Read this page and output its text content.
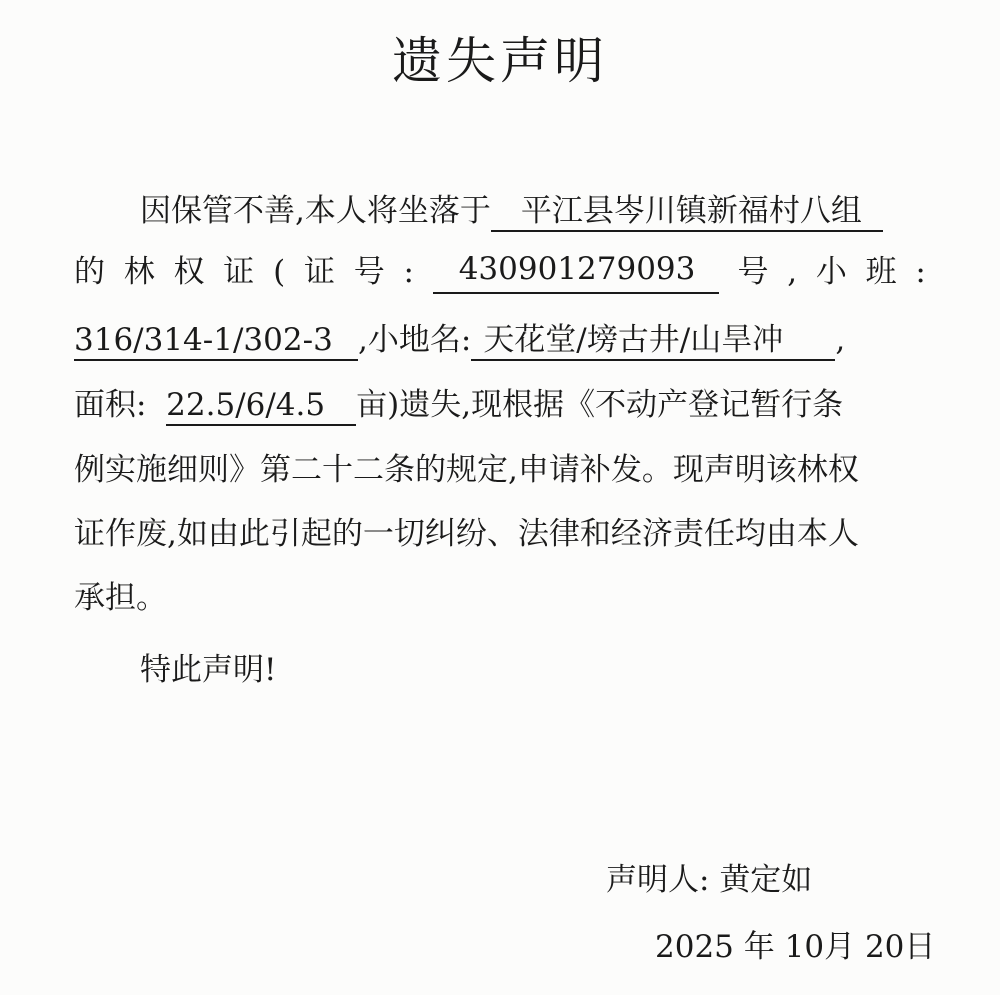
遗失声明
因保管不善,本人将坐落于 平江县岑川镇新福村八组
的 林 权 证 ( 证 号 :	430901279093	号 , 小 班 :
316/314-1/302-3 ,小地名: 天花堂/塝古井/山旱冲 ,
面积: 22.5/6/4.5 亩)遗失,现根据《不动产登记暂行条
例实施细则》第二十二条的规定,申请补发。现声明该林权
证作废,如由此引起的一切纠纷、法律和经济责任均由本人
承担。
特此声明!
声明人: 黄定如
2025 年 10月 20日
